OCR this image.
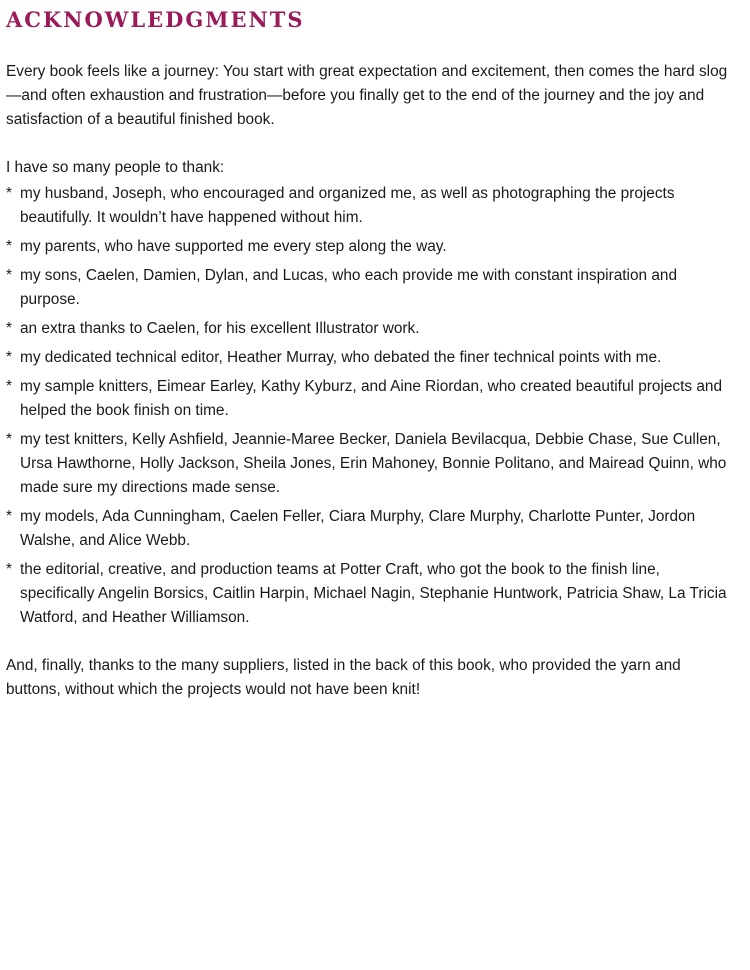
ACKNOWLEDGMENTS

Every book feels like a journey: You start with great expectation and excitement, then comes the hard slog—and often exhaustion and frustration—before you finally get to the end of the journey and the joy and satisfaction of a beautiful finished book.

I have so many people to thank:

* my husband, Joseph, who encouraged and organized me, as well as photographing the projects beautifully. It wouldn’t have happened without him.
* my parents, who have supported me every step along the way.
* my sons, Caelen, Damien, Dylan, and Lucas, who each provide me with constant inspiration and purpose.
* an extra thanks to Caelen, for his excellent Illustrator work.
* my dedicated technical editor, Heather Murray, who debated the finer technical points with me.
* my sample knitters, Eimear Earley, Kathy Kyburz, and Aine Riordan, who created beautiful projects and helped the book finish on time.
* my test knitters, Kelly Ashfield, Jeannie-Maree Becker, Daniela Bevilacqua, Debbie Chase, Sue Cullen, Ursa Hawthorne, Holly Jackson, Sheila Jones, Erin Mahoney, Bonnie Politano, and Mairead Quinn, who made sure my directions made sense.
* my models, Ada Cunningham, Caelen Feller, Ciara Murphy, Clare Murphy, Charlotte Punter, Jordon Walshe, and Alice Webb.
* the editorial, creative, and production teams at Potter Craft, who got the book to the finish line, specifically Angelin Borsics, Caitlin Harpin, Michael Nagin, Stephanie Huntwork, Patricia Shaw, La Tricia Watford, and Heather Williamson.

And, finally, thanks to the many suppliers, listed in the back of this book, who provided the yarn and buttons, without which the projects would not have been knit!
